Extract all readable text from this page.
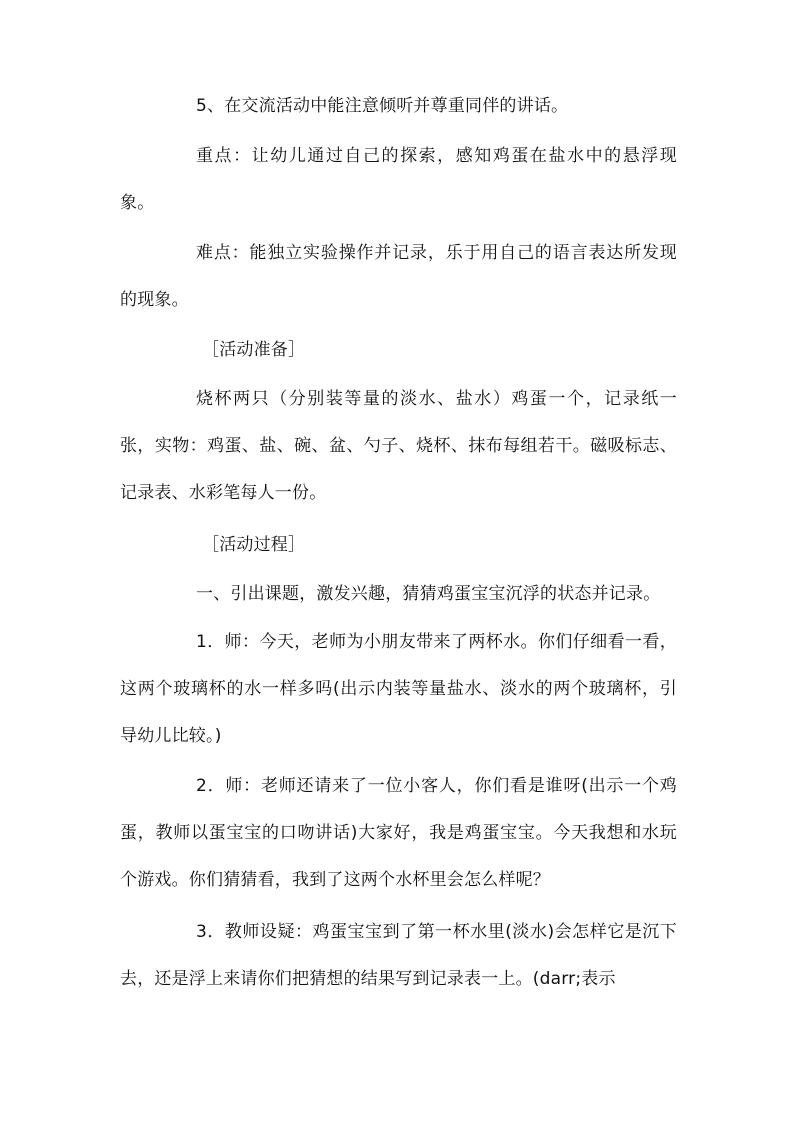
5、在交流活动中能注意倾听并尊重同伴的讲话。

重点：让幼儿通过自己的探索，感知鸡蛋在盐水中的悬浮现象。

难点：能独立实验操作并记录，乐于用自己的语言表达所发现的现象。

［活动准备］

烧杯两只（分别装等量的淡水、盐水）鸡蛋一个，记录纸一张，实物：鸡蛋、盐、碗、盆、勺子、烧杯、抹布每组若干。磁吸标志、记录表、水彩笔每人一份。

［活动过程］

一、引出课题，激发兴趣，猜猜鸡蛋宝宝沉浮的状态并记录。

1．师：今天，老师为小朋友带来了两杯水。你们仔细看一看，这两个玻璃杯的水一样多吗(出示内装等量盐水、淡水的两个玻璃杯，引导幼儿比较。)

2．师：老师还请来了一位小客人，你们看是谁呀(出示一个鸡蛋，教师以蛋宝宝的口吻讲话)大家好，我是鸡蛋宝宝。今天我想和水玩个游戏。你们猜猜看，我到了这两个水杯里会怎么样呢？

3．教师设疑：鸡蛋宝宝到了第一杯水里(淡水)会怎样它是沉下去，还是浮上来请你们把猜想的结果写到记录表一上。(darr;表示
